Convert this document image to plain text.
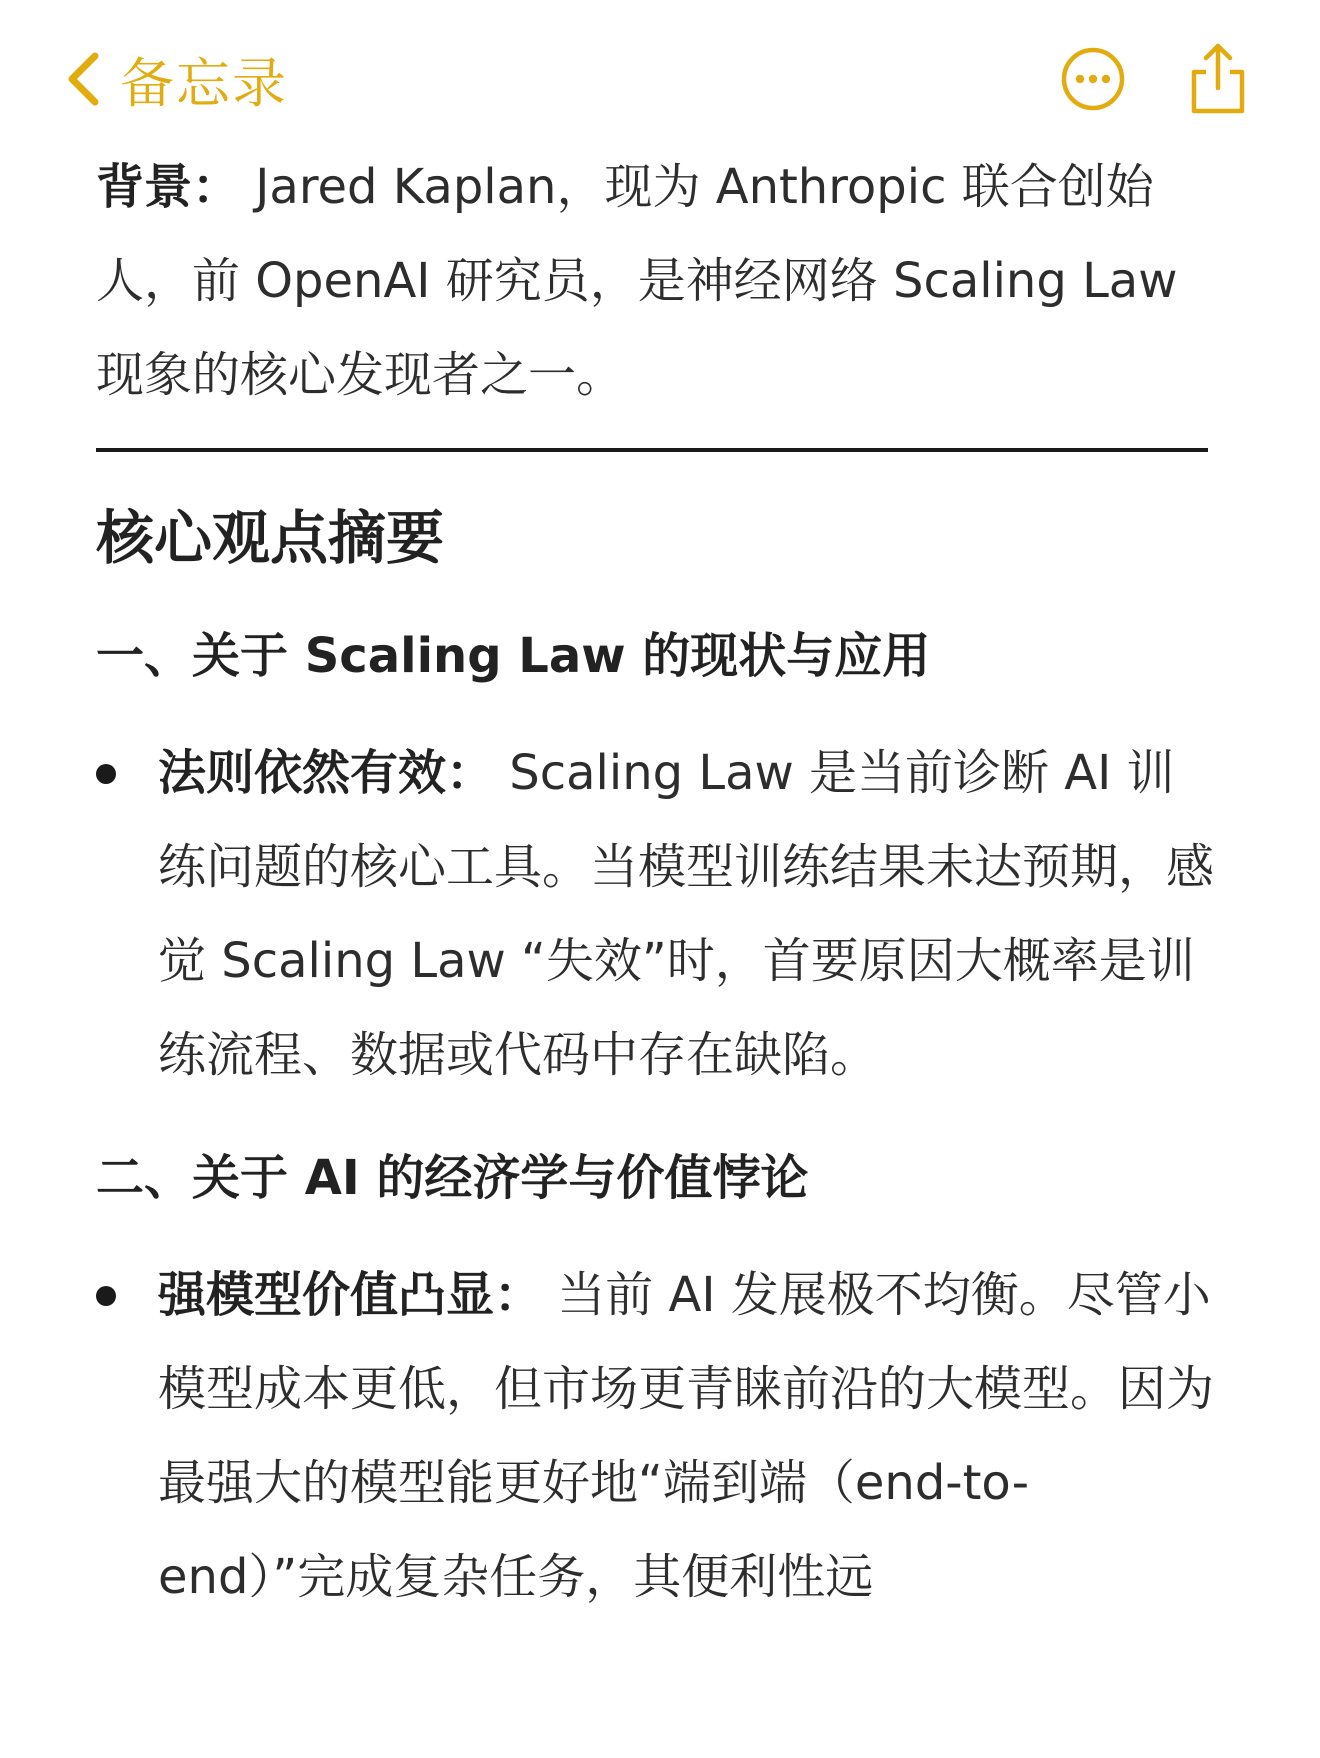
备忘录

背景： Jared Kaplan，现为 Anthropic 联合创始人，前 OpenAI 研究员，是神经网络 Scaling Law现象的核心发现者之一。

核心观点摘要
一、关于 Scaling Law 的现状与应用
法则依然有效： Scaling Law 是当前诊断 AI 训练问题的核心工具。当模型训练结果未达预期，感觉 Scaling Law “失效”时，首要原因大概率是训练流程、数据或代码中存在缺陷。
二、关于 AI 的经济学与价值悖论
强模型价值凸显： 当前 AI 发展极不均衡。尽管小模型成本更低，但市场更青睐前沿的大模型。因为最强大的模型能更好地“端到端（end-to-end）”完成复杂任务，其便利性远
